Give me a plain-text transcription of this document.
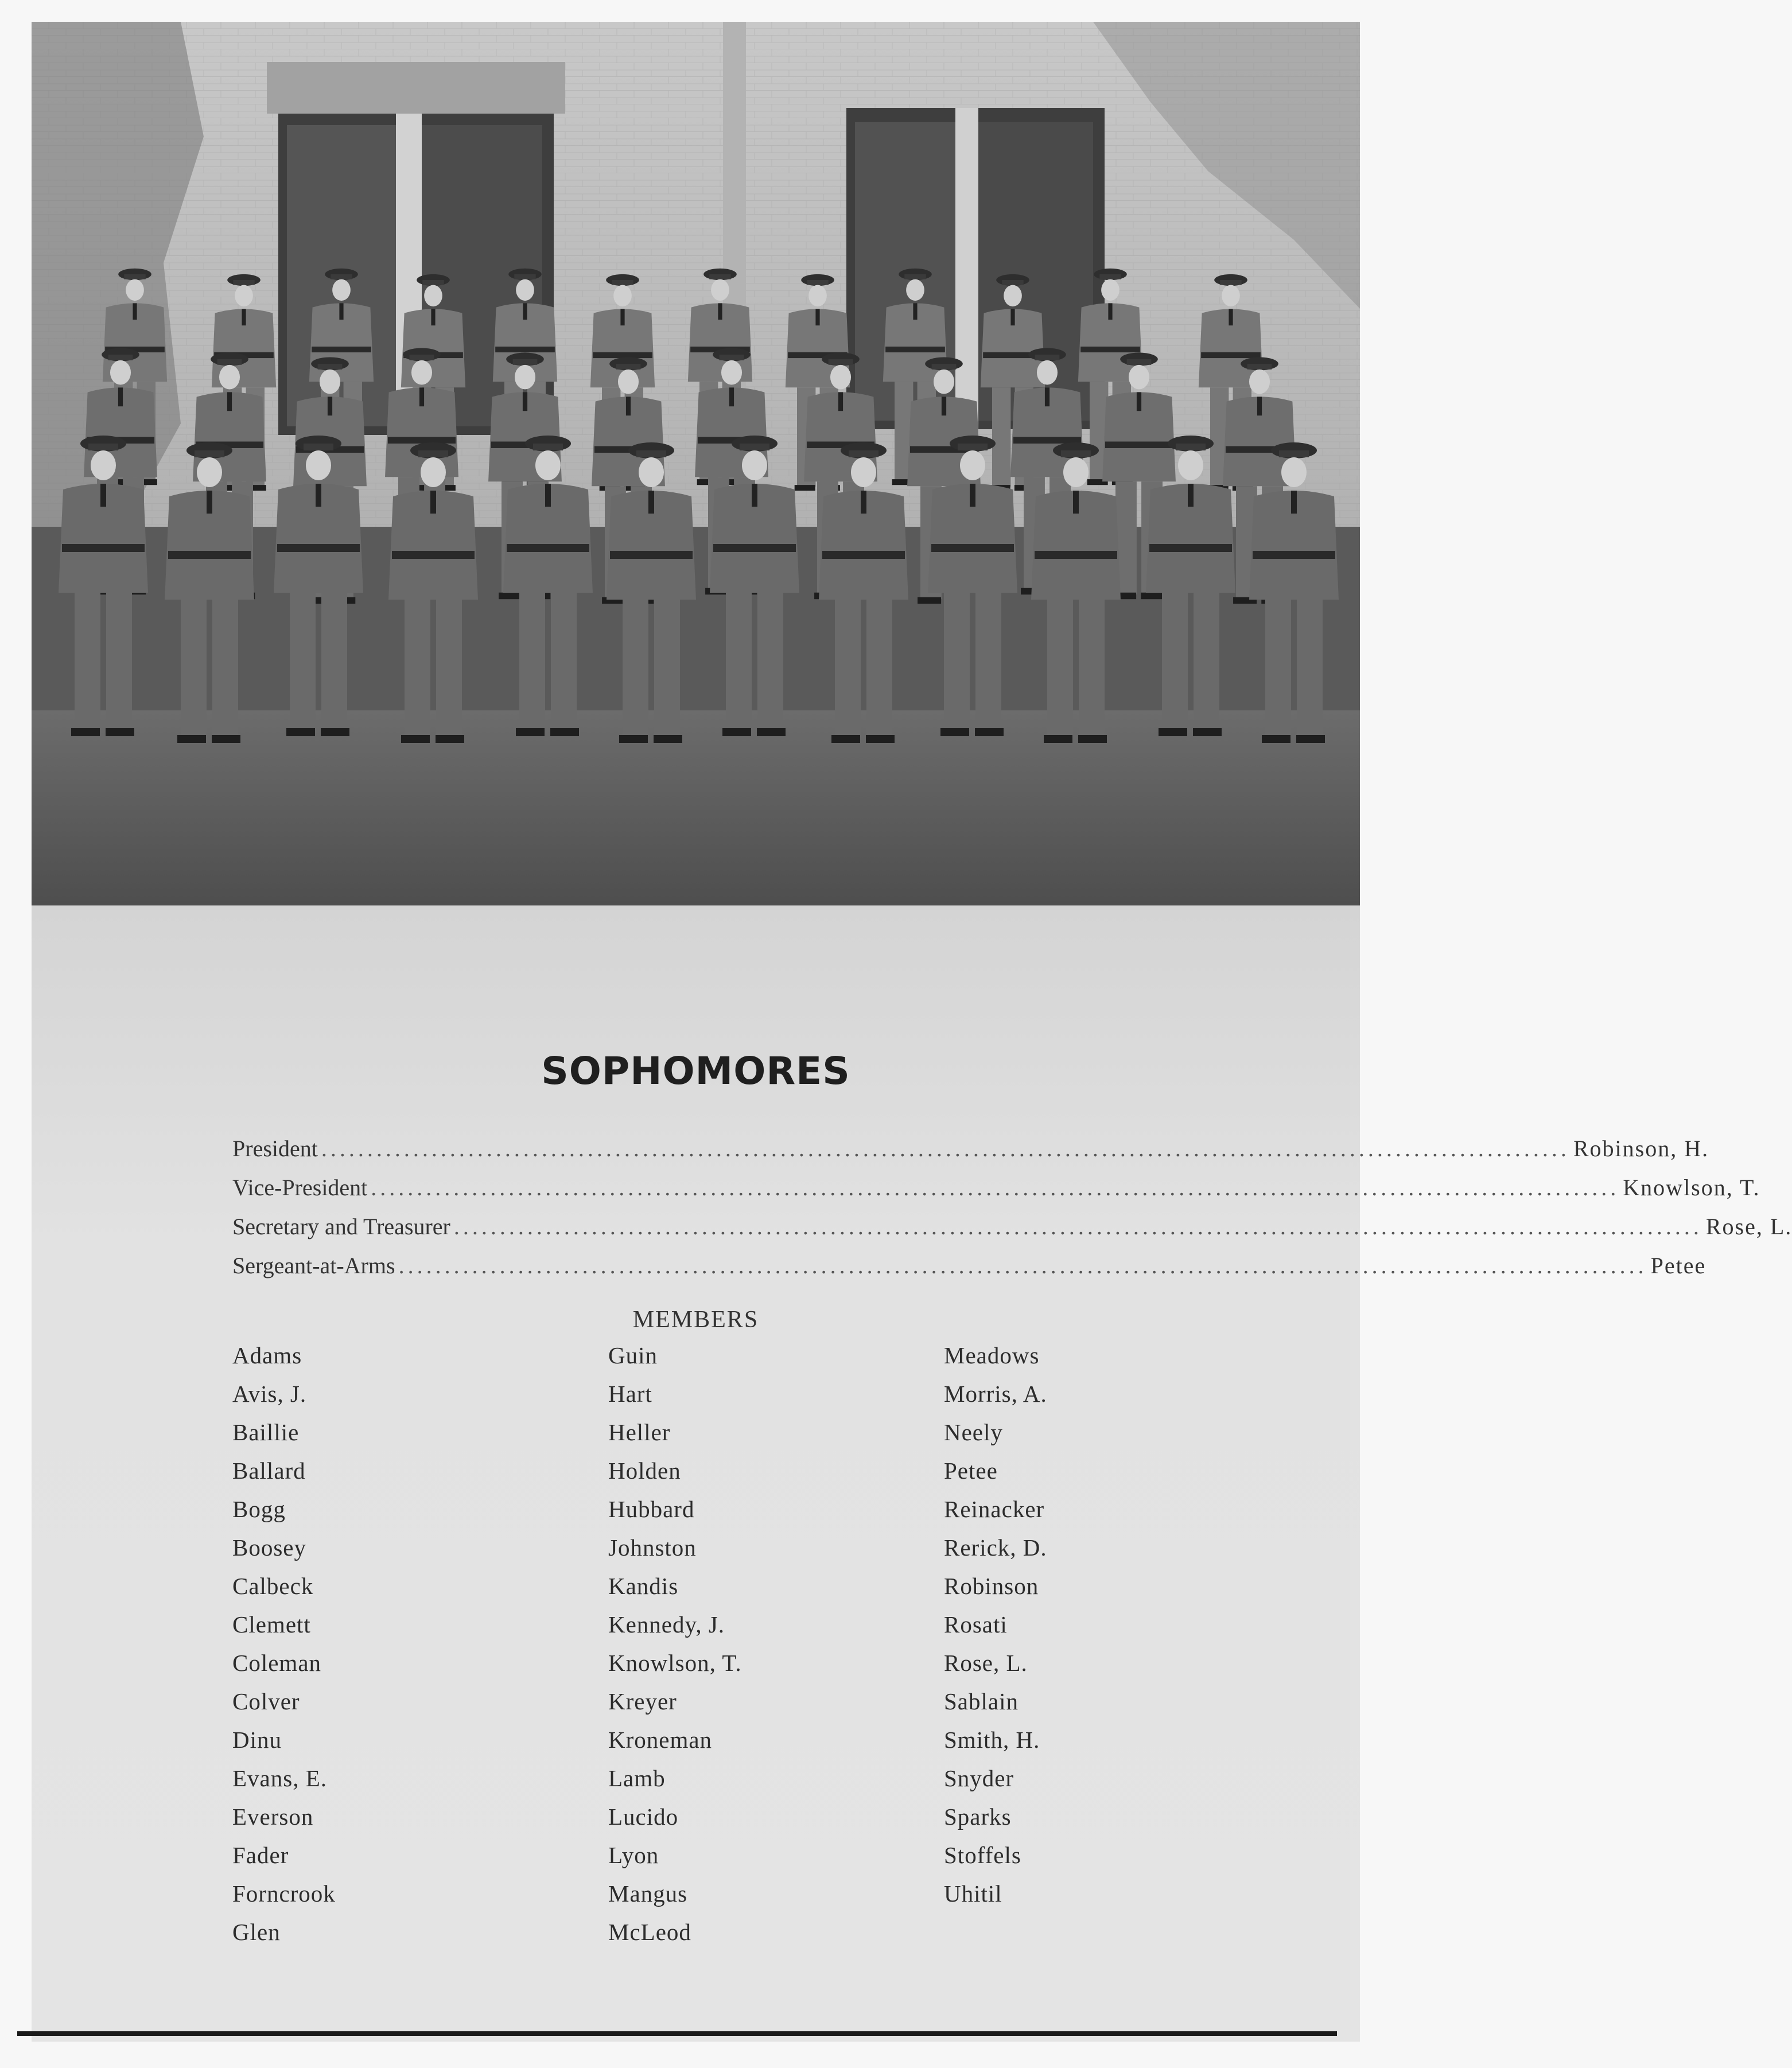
SOPHOMORES
President ........................................................................................................................................ Robinson, H.
Vice-President ........................................................................................................................................ Knowlson, T.
Secretary and Treasurer ........................................................................................................................................ Rose, L.
Sergeant-at-Arms ........................................................................................................................................ Petee
MEMBERS
Adams
Avis, J.
Baillie
Ballard
Bogg
Boosey
Calbeck
Clemett
Coleman
Colver
Dinu
Evans, E.
Everson
Fader
Forncrook
Glen
Guin
Hart
Heller
Holden
Hubbard
Johnston
Kandis
Kennedy, J.
Knowlson, T.
Kreyer
Kroneman
Lamb
Lucido
Lyon
Mangus
McLeod
Meadows
Morris, A.
Neely
Petee
Reinacker
Rerick, D.
Robinson
Rosati
Rose, L.
Sablain
Smith, H.
Snyder
Sparks
Stoffels
Uhitil
